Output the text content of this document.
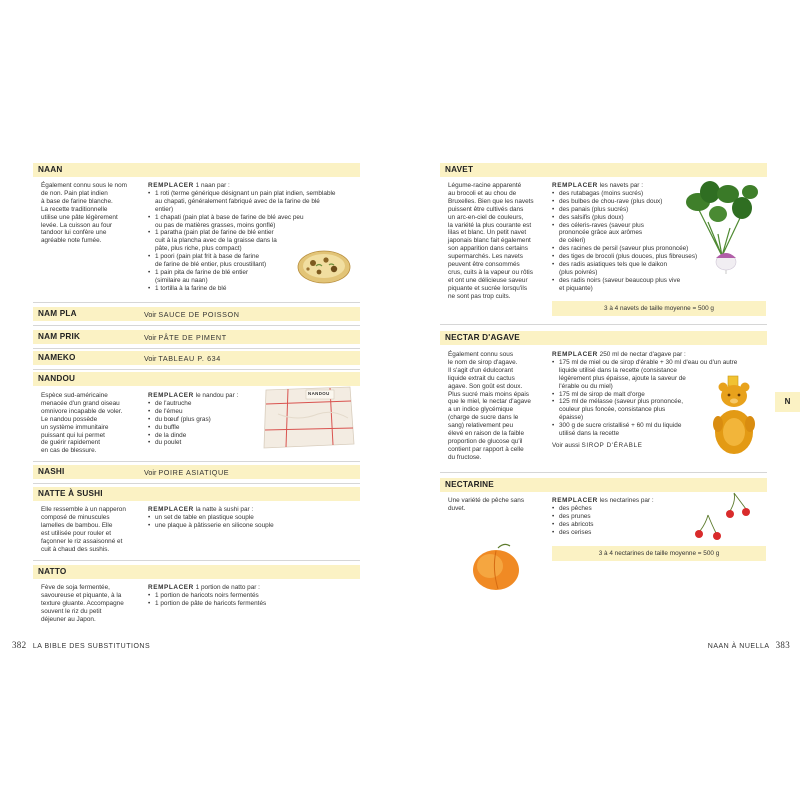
NAAN
Également connu sous le nom
de non. Pain plat indien
à base de farine blanche.
La recette traditionnelle
utilise une pâte légèrement
levée. La cuisson au four
tandoor lui confère une
agréable note fumée.
REMPLACER 1 naan par :
• 1 roti (terme générique désignant un pain plat indien, semblable
au chapati, généralement fabriqué avec de la farine de blé
entier)
• 1 chapati (pain plat à base de farine de blé avec peu
ou pas de matières grasses, moins gonflé)
• 1 paratha (pain plat de farine de blé entier
cuit à la plancha avec de la graisse dans la
pâte, plus riche, plus compact)
• 1 poori (pain plat frit à base de farine
de farine de blé entier, plus croustillant)
• 1 pain pita de farine de blé entier
(similaire au naan)
• 1 tortilla à la farine de blé
NAM PLA	Voir SAUCE DE POISSON
NAM PRIK	Voir PÂTE DE PIMENT
NAMEKO	Voir TABLEAU P. 634
NANDOU
Espèce sud-américaine
menacée d'un grand oiseau
omnivore incapable de voler.
Le nandou possède
un système immunitaire
puissant qui lui permet
de guérir rapidement
en cas de blessure.
REMPLACER le nandou par :
• de l'autruche
• de l'émeu
• du bœuf (plus gras)
• du buffle
• de la dinde
• du poulet
NANDOU
NASHI	Voir POIRE ASIATIQUE
NATTE À SUSHI
Elle ressemble à un napperon
composé de minuscules
lamelles de bambou. Elle
est utilisée pour rouler et
façonner le riz assaisonné et
cuit à chaud des sushis.
REMPLACER la natte à sushi par :
• un set de table en plastique souple
• une plaque à pâtisserie en silicone souple
NATTO
Fève de soja fermentée,
savoureuse et piquante, à la
texture gluante. Accompagne
souvent le riz du petit
déjeuner au Japon.
REMPLACER 1 portion de natto par :
• 1 portion de haricots noirs fermentés
• 1 portion de pâte de haricots fermentés
382 LA BIBLE DES SUBSTITUTIONS
NAVET
Légume-racine apparenté
au brocoli et au chou de
Bruxelles. Bien que les navets
puissent être cultivés dans
un arc-en-ciel de couleurs,
la variété la plus courante est
lilas et blanc. Un petit navet
japonais blanc fait également
son apparition dans certains
supermarchés. Les navets
peuvent être consommés
crus, cuits à la vapeur ou rôtis
et ont une délicieuse saveur
piquante et sucrée lorsqu'ils
ne sont pas trop cuits.
REMPLACER les navets par :
• des rutabagas (moins sucrés)
• des bulbes de chou-rave (plus doux)
• des panais (plus sucrés)
• des salsifis (plus doux)
• des céleris-raves (saveur plus
prononcée grâce aux arômes
de céleri)
• des racines de persil (saveur plus prononcée)
• des tiges de brocoli (plus douces, plus fibreuses)
• des radis asiatiques tels que le daikon
(plus poivrés)
• des radis noirs (saveur beaucoup plus vive
et piquante)
3 à 4 navets de taille moyenne = 500 g
NECTAR D'AGAVE
Également connu sous
le nom de sirop d'agave.
Il s'agit d'un édulcorant
liquide extrait du cactus
agave. Son goût est doux.
Plus sucré mais moins épais
que le miel, le nectar d'agave
a un indice glycémique
(charge de sucre dans le
sang) relativement peu
élevé en raison de la faible
proportion de glucose qu'il
contient par rapport à celle
du fructose.
REMPLACER 250 ml de nectar d'agave par :
• 175 ml de miel ou de sirop d'érable + 30 ml d'eau ou d'un autre
liquide utilisé dans la recette (consistance
légèrement plus épaisse, ajoute la saveur de
l'érable ou du miel)
• 175 ml de sirop de malt d'orge
• 125 ml de mélasse (saveur plus prononcée,
couleur plus foncée, consistance plus
épaisse)
• 300 g de sucre cristallisé + 60 ml du liquide
utilisé dans la recette
Voir aussi SIROP D'ÉRABLE
NECTARINE
Une variété de pêche sans
duvet.
REMPLACER les nectarines par :
• des pêches
• des prunes
• des abricots
• des cerises
3 à 4 nectarines de taille moyenne = 500 g
NAAN À NUELLA 383
N
